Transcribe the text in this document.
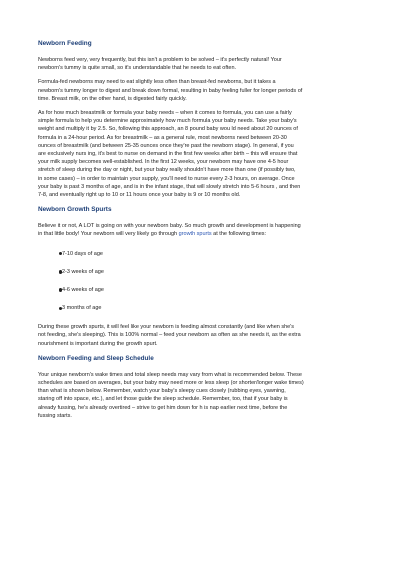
Newborn Feeding

Newborns feed very, very frequently, but this isn't a problem to be solved – it's perfectly natural! Your

newborn's tummy is quite small, so it's understandable that he needs to eat often.

Formula-fed newborns may need to eat slightly less often than breast-fed newborns, but it takes a

newborn's tummy longer to digest and break down formal, resulting in baby feeling fuller for longer periods of

time. Breast milk, on the other hand, is digested fairly quickly.

As for how much breastmilk or formula your baby needs – when it comes to formula, you can use a fairly

simple formula to help you determine approximately how much formula your baby needs. Take your baby's

weight and multiply it by 2.5. So, following this approach, an 8 pound baby wou ld need about 20 ounces of

formula in a 24-hour period. As for breastmilk – as a general rule, most newborns need between 20-30

ounces of breastmilk (and between 25-35 ounces once they're past the newborn stage). In general, if you

are exclusively nurs ing, it's best to nurse on demand in the first few weeks after birth – this will ensure that

your milk supply becomes well-established. In the first 12 weeks, your newborn may have one 4-5 hour

stretch of sleep during the day or night, but your baby really shouldn't have more than one (if possibly two,

in some cases) – in order to maintain your supply, you'll need to nurse every 2-3 hours, on average. Once

your baby is past 3 months of age, and is in the infant stage, that will slowly stretch into 5-6 hours , and then

7-8, and eventually right up to 10 or 11 hours once your baby is 9 or 10 months old.

Newborn Growth Spurts

Believe it or not, A LOT is going on with your newborn baby. So much growth and development is happening

in that little body! Your newborn will very likely go through growth spurts at the following times:

7-10 days of age
2-3 weeks of age
4-6 weeks of age
3 months of age

During these growth spurts, it will feel like your newborn is feeding almost constantly (and like when she's

not feeding, she's sleeping). This is 100% normal – feed your newborn as often as she needs it, as the extra

nourishment is important during the growth spurt.

Newborn Feeding and Sleep Schedule

Your unique newborn's wake times and total sleep needs may vary from what is recommended below. These

schedules are based on averages, but your baby may need more or less sleep (or shorter/longer wake times)

than what is shown below. Remember, watch your baby's sleepy cues closely (rubbing eyes, yawning,

staring off into space, etc.), and let those guide the sleep schedule. Remember, too, that if your baby is

already fussing, he's already overtired – strive to get him down for h is nap earlier next time, before the

fussing starts.
